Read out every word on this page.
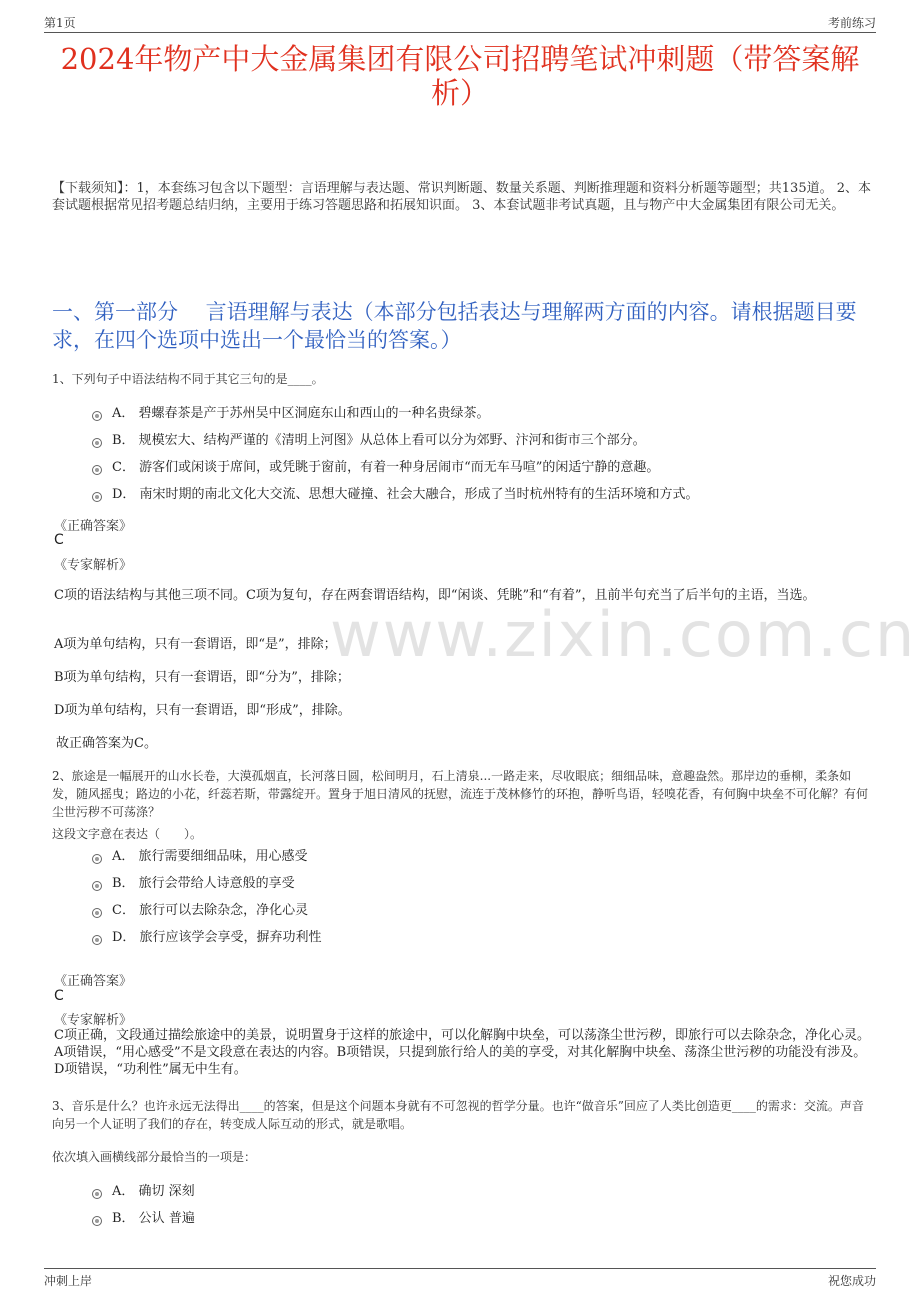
第1页	考前练习
www.zixin.com.cn
2024年物产中大金属集团有限公司招聘笔试冲刺题（带答案解析）
【下载须知】：1，本套练习包含以下题型：言语理解与表达题、常识判断题、数量关系题、判断推理题和资料分析题等题型；共135道。 2、本套试题根据常见招考题总结归纳，主要用于练习答题思路和拓展知识面。 3、本套试题非考试真题，且与物产中大金属集团有限公司无关。
一、第一部分　 言语理解与表达（本部分包括表达与理解两方面的内容。请根据题目要求，在四个选项中选出一个最恰当的答案。）
1、下列句子中语法结构不同于其它三句的是____。
A． 碧螺春茶是产于苏州吴中区洞庭东山和西山的一种名贵绿茶。
B． 规模宏大、结构严谨的《清明上河图》从总体上看可以分为郊野、汴河和街市三个部分。
C． 游客们或闲谈于席间，或凭眺于窗前，有着一种身居闹市“而无车马喧”的闲适宁静的意趣。
D． 南宋时期的南北文化大交流、思想大碰撞、社会大融合，形成了当时杭州特有的生活环境和方式。
《正确答案》
C
《专家解析》
C项的语法结构与其他三项不同。C项为复句，存在两套谓语结构，即“闲谈、凭眺”和“有着”，且前半句充当了后半句的主语，当选。
A项为单句结构，只有一套谓语，即“是”，排除；
B项为单句结构，只有一套谓语，即“分为”，排除；
D项为单句结构，只有一套谓语，即“形成”，排除。
故正确答案为C。
2、旅途是一幅展开的山水长卷，大漠孤烟直，长河落日圆，松间明月，石上清泉...一路走来，尽收眼底；细细品味，意趣盎然。那岸边的垂柳，柔条如发，随风摇曳；路边的小花，纤蕊若斯，带露绽开。置身于旭日清风的抚慰，流连于茂林修竹的环抱，静听鸟语，轻嗅花香，有何胸中块垒不可化解？有何尘世污秽不可荡涤？
这段文字意在表达（　　）。
A． 旅行需要细细品味，用心感受
B． 旅行会带给人诗意般的享受
C． 旅行可以去除杂念，净化心灵
D． 旅行应该学会享受，摒弃功利性
《正确答案》
C
《专家解析》
C项正确，文段通过描绘旅途中的美景，说明置身于这样的旅途中，可以化解胸中块垒，可以荡涤尘世污秽，即旅行可以去除杂念，净化心灵。A项错误，“用心感受”不是文段意在表达的内容。B项错误，只提到旅行给人的美的享受，对其化解胸中块垒、荡涤尘世污秽的功能没有涉及。D项错误，“功利性”属无中生有。
3、音乐是什么？也许永远无法得出____的答案，但是这个问题本身就有不可忽视的哲学分量。也许“做音乐”回应了人类比创造更____的需求：交流。声音向另一个人证明了我们的存在，转变成人际互动的形式，就是歌唱。
依次填入画横线部分最恰当的一项是：
A． 确切 深刻
B． 公认 普遍
冲刺上岸	祝您成功
